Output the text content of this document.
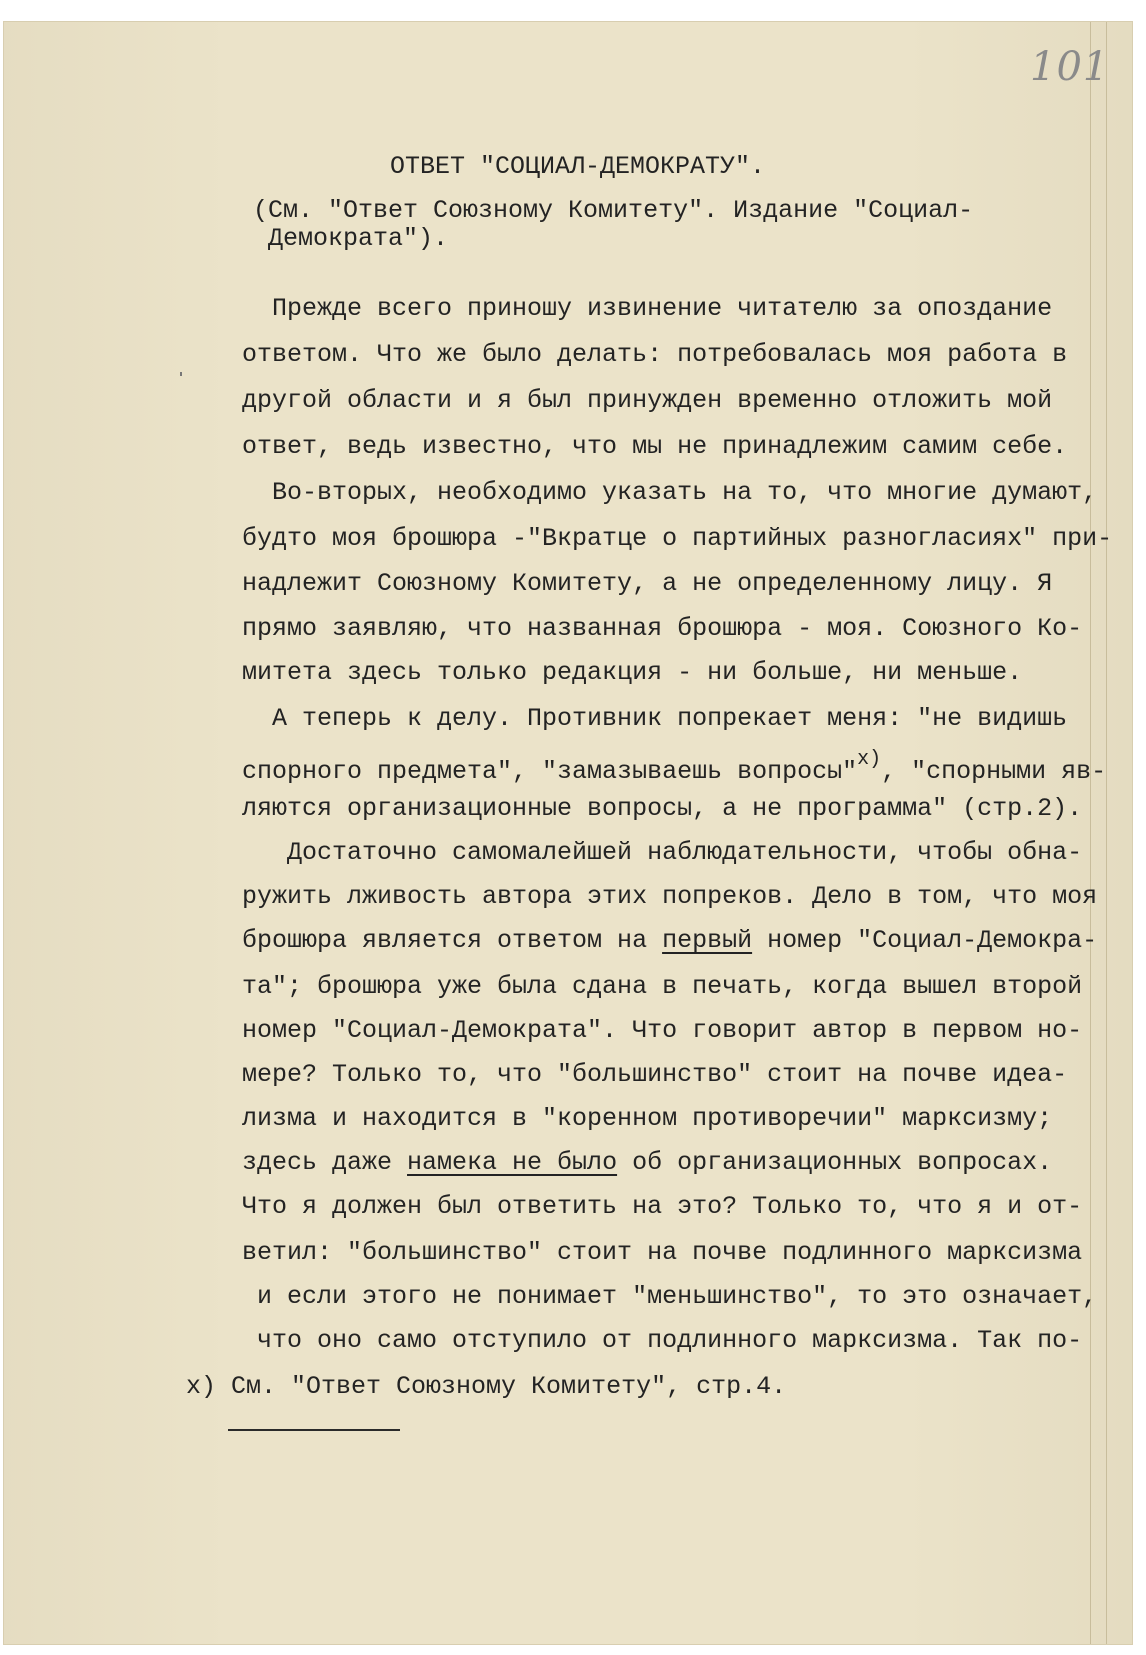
101
ОТВЕТ "СОЦИАЛ-ДЕМОКРАТУ".
(См. "Ответ Союзному Комитету". Издание "Социал-
Демократа").
Прежде всего приношу извинение читателю за опоздание
ответом. Что же было делать: потребовалась моя работа в
другой области и я был принужден временно отложить мой
ответ, ведь известно, что мы не принадлежим самим себе.
Во-вторых, необходимо указать на то, что многие думают,
будто моя брошюра -"Вкратце о партийных разногласиях" при-
надлежит Союзному Комитету, а не определенному лицу. Я
прямо заявляю, что названная брошюра - моя. Союзного Ко-
митета здесь только редакция - ни больше, ни меньше.
А теперь к делу. Противник попрекает меня: "не видишь
спорного предмета", "замазываешь вопросы"$^{x)}$, "спорными яв-
ляются организационные вопросы, а не программа" (стр.2).
Достаточно самомалейшей наблюдательности, чтобы обна-
ружить лживость автора этих попреков. Дело в том, что моя
брошюра является ответом на первый номер "Социал-Демокра-
та"; брошюра уже была сдана в печать, когда вышел второй
номер "Социал-Демократа". Что говорит автор в первом но-
мере? Только то, что "большинство" стоит на почве идеа-
лизма и находится в "коренном противоречии" марксизму;
здесь даже намека не было об организационных вопросах.
Что я должен был ответить на это? Только то, что я и от-
ветил: "большинство" стоит на почве подлинного марксизма
и если этого не понимает "меньшинство", то это означает,
что оно само отступило от подлинного марксизма. Так по-
x) См. "Ответ Союзному Комитету", стр.4.
